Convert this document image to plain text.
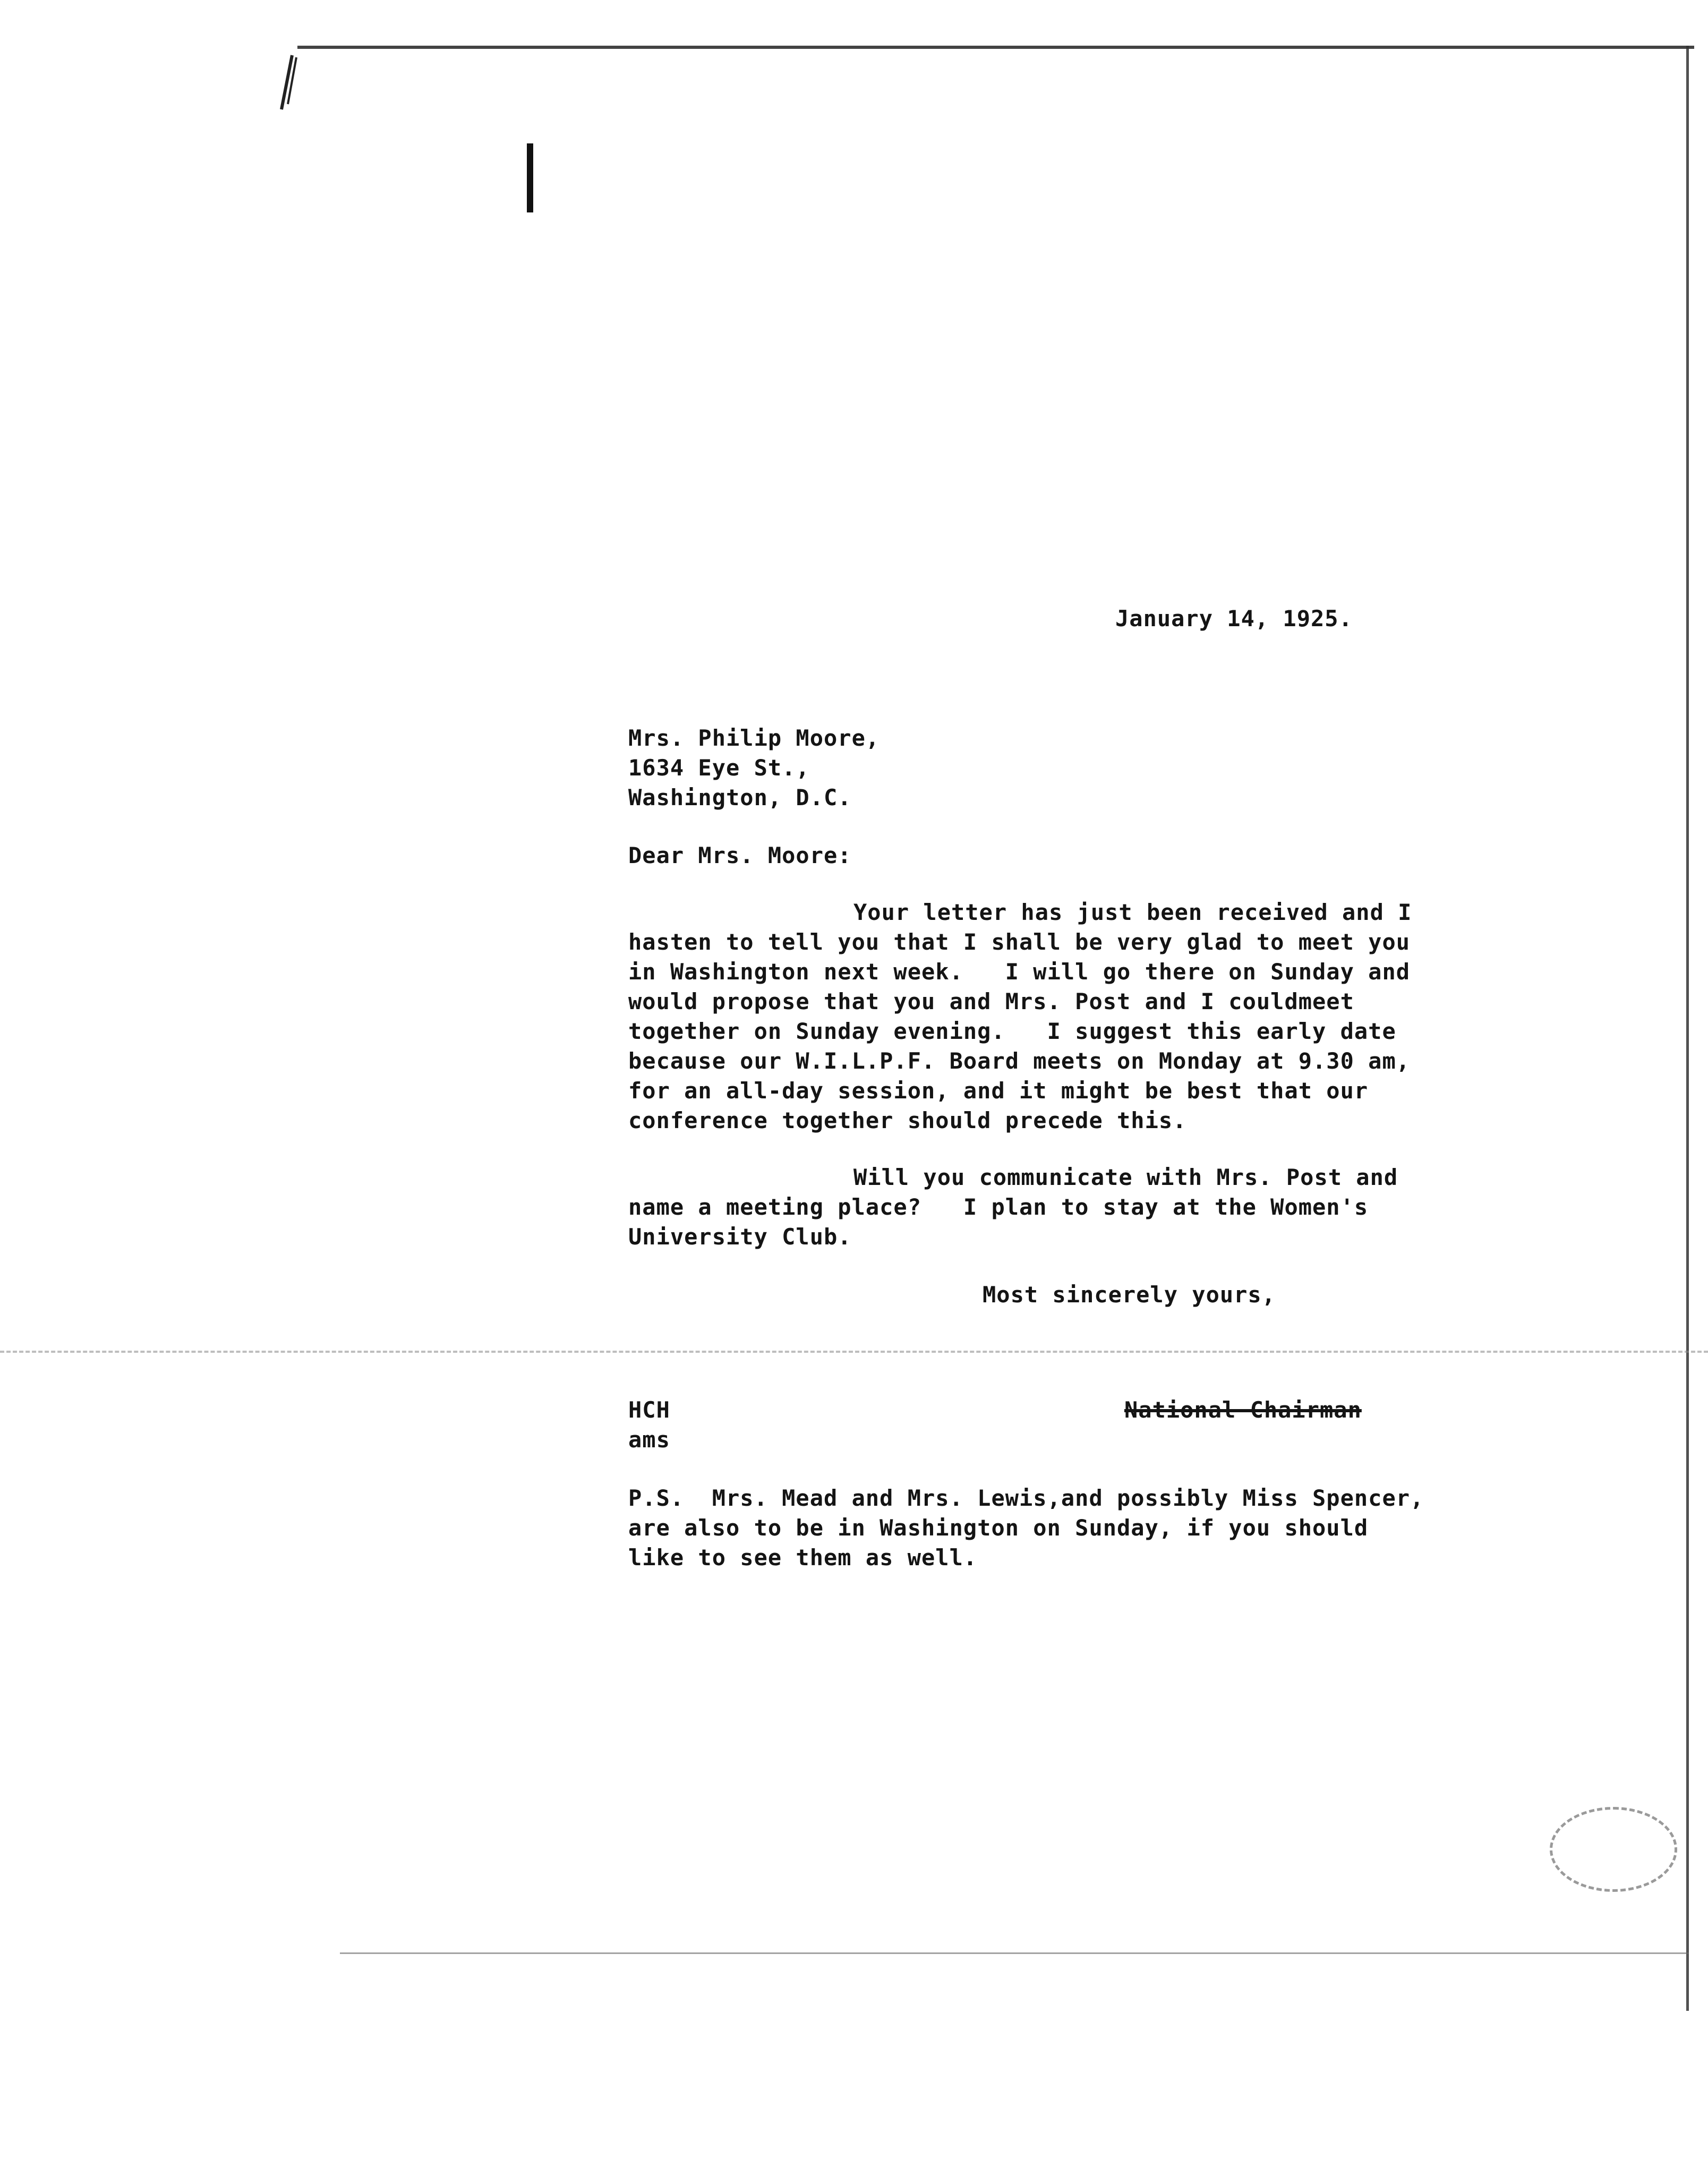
January 14, 1925.
Mrs. Philip Moore,
1634 Eye St.,
Washington, D.C.
Dear Mrs. Moore:
Your letter has just been received and I
hasten to tell you that I shall be very glad to meet you
in Washington next week.   I will go there on Sunday and
would propose that you and Mrs. Post and I couldmeet
together on Sunday evening.   I suggest this early date
because our W.I.L.P.F. Board meets on Monday at 9.30 am,
for an all-day session, and it might be best that our
conference together should precede this.
Will you communicate with Mrs. Post and
name a meeting place?   I plan to stay at the Women's
University Club.
Most sincerely yours,
HCH
ams
National Chairman
P.S.  Mrs. Mead and Mrs. Lewis,and possibly Miss Spencer,
are also to be in Washington on Sunday, if you should
like to see them as well.
